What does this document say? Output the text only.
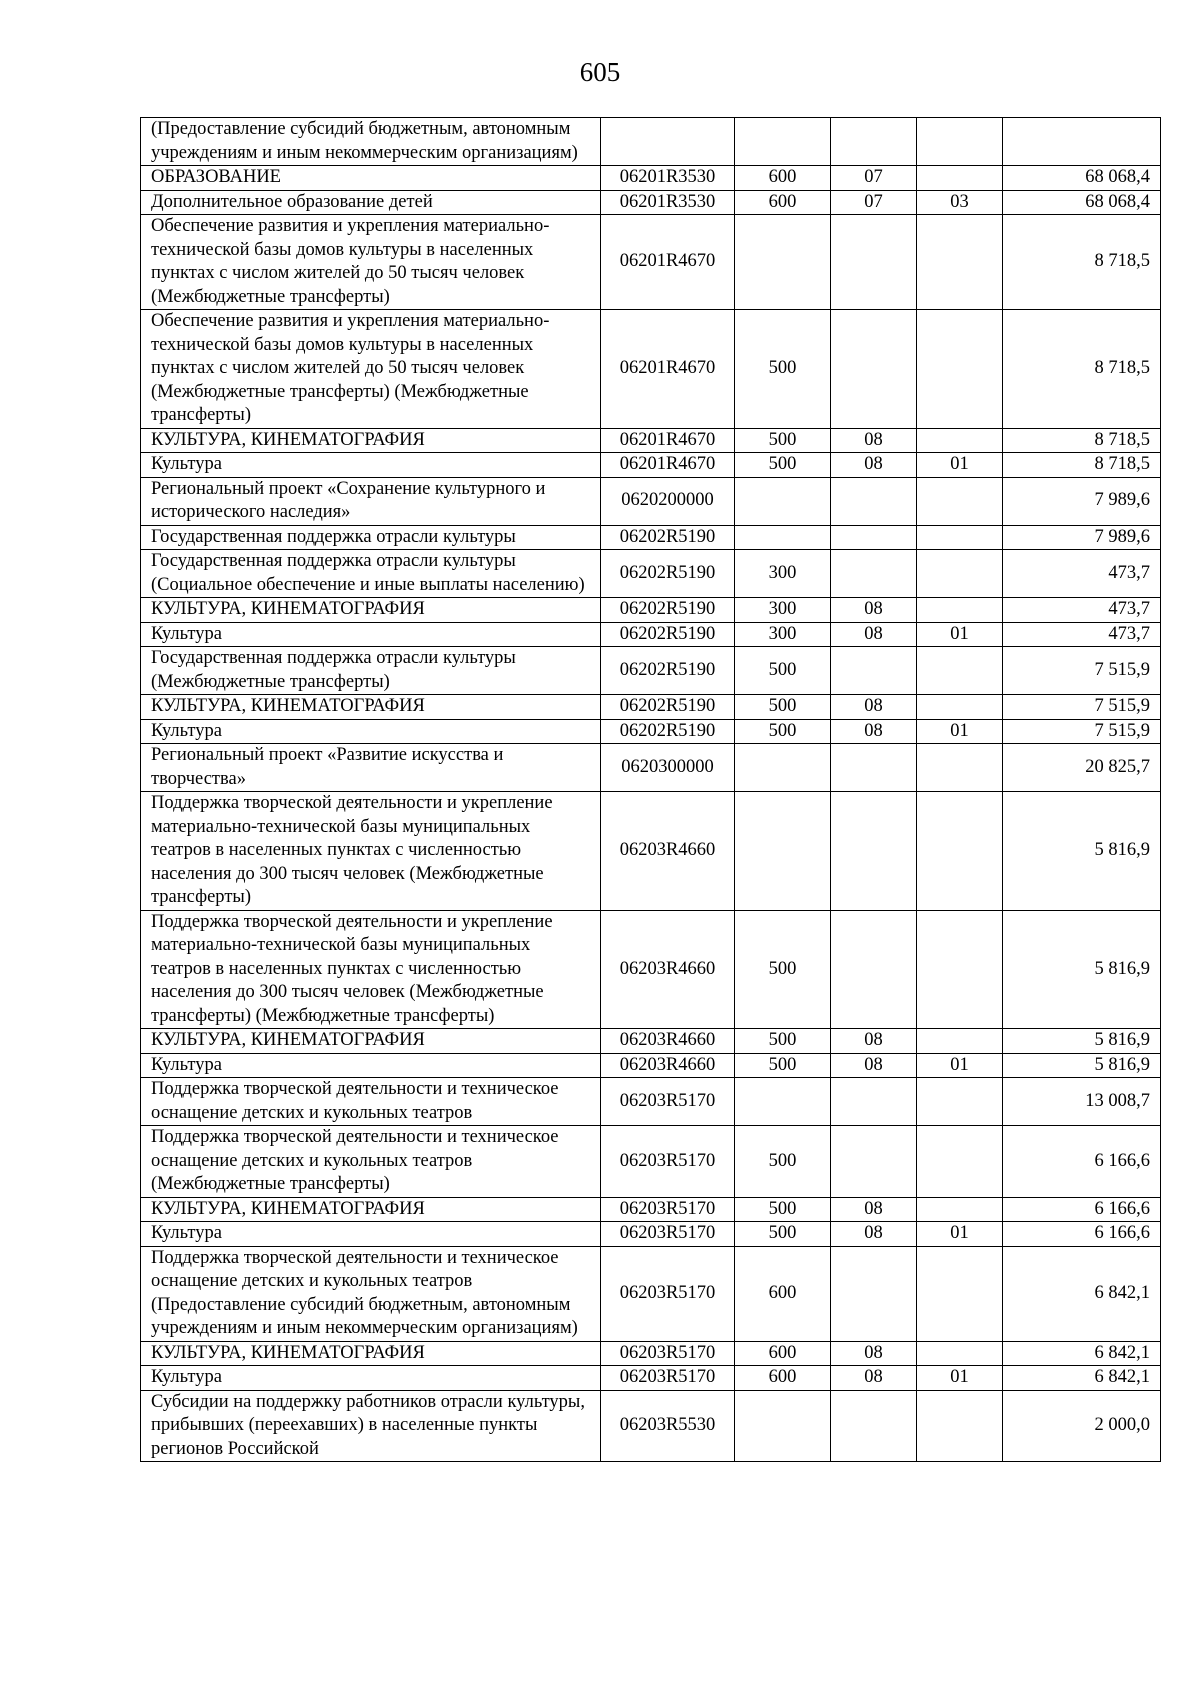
605
(Предоставление субсидий бюджетным, автономным учреждениям и иным некоммерческим организациям)					
ОБРАЗОВАНИЕ	06201R3530	600	07		68 068,4
Дополнительное образование детей	06201R3530	600	07	03	68 068,4
Обеспечение развития и укрепления материально-технической базы домов культуры в населенных пунктах с числом жителей до 50 тысяч человек (Межбюджетные трансферты)	06201R4670				8 718,5
Обеспечение развития и укрепления материально-технической базы домов культуры в населенных пунктах с числом жителей до 50 тысяч человек (Межбюджетные трансферты) (Межбюджетные трансферты)	06201R4670	500			8 718,5
КУЛЬТУРА, КИНЕМАТОГРАФИЯ	06201R4670	500	08		8 718,5
Культура	06201R4670	500	08	01	8 718,5
Региональный проект «Сохранение культурного и исторического наследия»	0620200000				7 989,6
Государственная поддержка отрасли культуры	06202R5190				7 989,6
Государственная поддержка отрасли культуры (Социальное обеспечение и иные выплаты населению)	06202R5190	300			473,7
КУЛЬТУРА, КИНЕМАТОГРАФИЯ	06202R5190	300	08		473,7
Культура	06202R5190	300	08	01	473,7
Государственная поддержка отрасли культуры (Межбюджетные трансферты)	06202R5190	500			7 515,9
КУЛЬТУРА, КИНЕМАТОГРАФИЯ	06202R5190	500	08		7 515,9
Культура	06202R5190	500	08	01	7 515,9
Региональный проект «Развитие искусства и творчества»	0620300000				20 825,7
Поддержка творческой деятельности и укрепление материально-технической базы муниципальных театров в населенных пунктах с численностью населения до 300 тысяч человек (Межбюджетные трансферты)	06203R4660				5 816,9
Поддержка творческой деятельности и укрепление материально-технической базы муниципальных театров в населенных пунктах с численностью населения до 300 тысяч человек (Межбюджетные трансферты) (Межбюджетные трансферты)	06203R4660	500			5 816,9
КУЛЬТУРА, КИНЕМАТОГРАФИЯ	06203R4660	500	08		5 816,9
Культура	06203R4660	500	08	01	5 816,9
Поддержка творческой деятельности и техническое оснащение детских и кукольных театров	06203R5170				13 008,7
Поддержка творческой деятельности и техническое оснащение детских и кукольных театров (Межбюджетные трансферты)	06203R5170	500			6 166,6
КУЛЬТУРА, КИНЕМАТОГРАФИЯ	06203R5170	500	08		6 166,6
Культура	06203R5170	500	08	01	6 166,6
Поддержка творческой деятельности и техническое оснащение детских и кукольных театров (Предоставление субсидий бюджетным, автономным учреждениям и иным некоммерческим организациям)	06203R5170	600			6 842,1
КУЛЬТУРА, КИНЕМАТОГРАФИЯ	06203R5170	600	08		6 842,1
Культура	06203R5170	600	08	01	6 842,1
Субсидии на поддержку работников отрасли культуры, прибывших (переехавших) в населенные пункты регионов Российской	06203R5530				2 000,0
